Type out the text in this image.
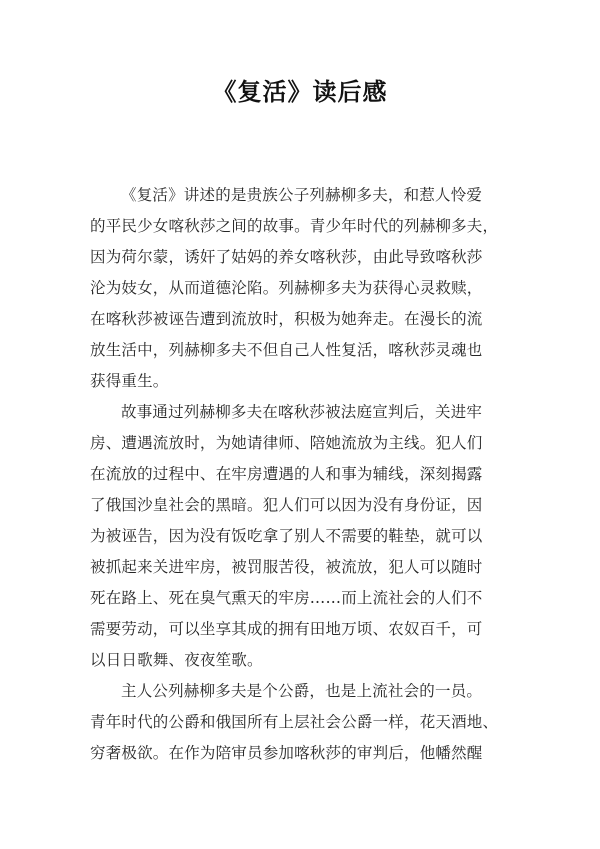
《复活》读后感
《复活》讲述的是贵族公子列赫柳多夫，和惹人怜爱
的平民少女喀秋莎之间的故事。青少年时代的列赫柳多夫，
因为荷尔蒙，诱奸了姑妈的养女喀秋莎，由此导致喀秋莎
沦为妓女，从而道德沦陷。列赫柳多夫为获得心灵救赎，
在喀秋莎被诬告遭到流放时，积极为她奔走。在漫长的流
放生活中，列赫柳多夫不但自己人性复活，喀秋莎灵魂也
获得重生。
故事通过列赫柳多夫在喀秋莎被法庭宣判后，关进牢
房、遭遇流放时，为她请律师、陪她流放为主线。犯人们
在流放的过程中、在牢房遭遇的人和事为辅线，深刻揭露
了俄国沙皇社会的黑暗。犯人们可以因为没有身份证，因
为被诬告，因为没有饭吃拿了别人不需要的鞋垫，就可以
被抓起来关进牢房，被罚服苦役，被流放，犯人可以随时
死在路上、死在臭气熏天的牢房……而上流社会的人们不
需要劳动，可以坐享其成的拥有田地万顷、农奴百千，可
以日日歌舞、夜夜笙歌。
主人公列赫柳多夫是个公爵，也是上流社会的一员。
青年时代的公爵和俄国所有上层社会公爵一样，花天酒地、
穷奢极欲。在作为陪审员参加喀秋莎的审判后，他幡然醒
